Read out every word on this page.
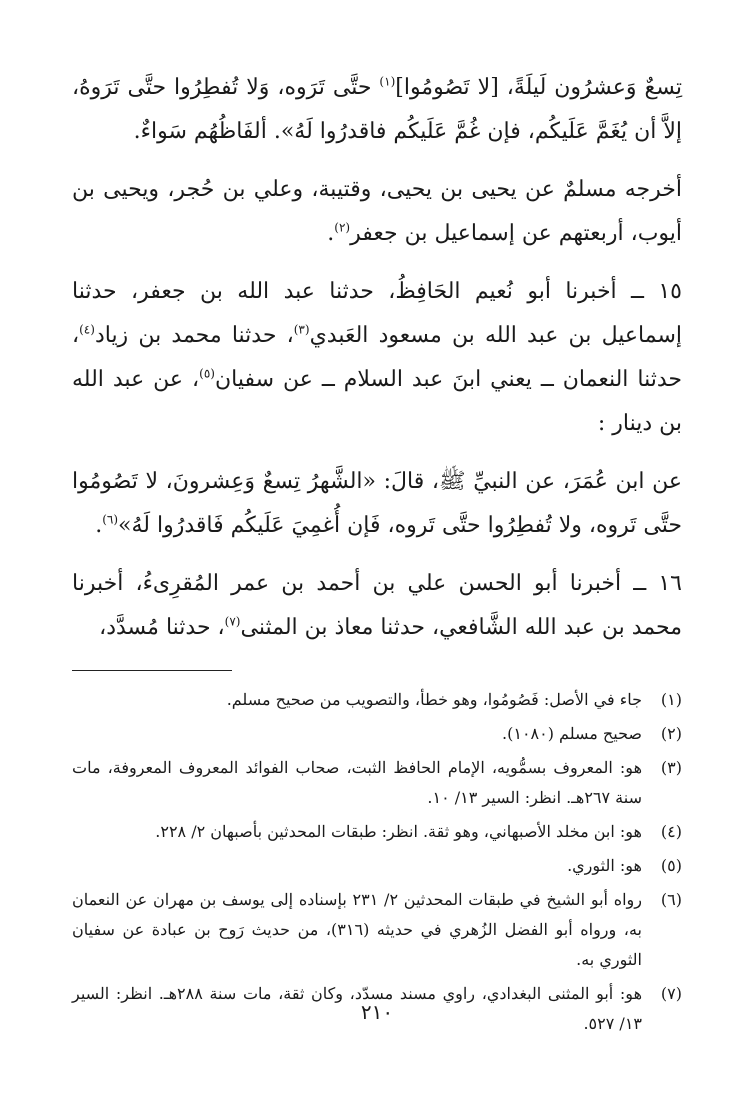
تِسعٌ وَعشرُون لَيلَةً، [لا تَصُومُوا]$^{(١)}$ حتَّى تَرَوه، وَلا تُفطِرُوا حتَّى تَرَوهُ، إلاَّ أن يُغَمَّ عَلَيكُم، فإن غُمَّ عَلَيكُم فاقدرُوا لَهُ». ألفَاظُهُم سَواءٌ.

أخرجه مسلمٌ عن يحيى بن يحيى، وقتيبة، وعلي بن حُجر، ويحيى بن أيوب، أربعتهم عن إسماعيل بن جعفر$^{(٢)}$.

١٥ ــ أخبرنا أبو نُعيم الحَافِظُ، حدثنا عبد الله بن جعفر، حدثنا إسماعيل بن عبد الله بن مسعود العَبدي$^{(٣)}$، حدثنا محمد بن زياد$^{(٤)}$، حدثنا النعمان ــ يعني ابنَ عبد السلام ــ عن سفيان$^{(٥)}$، عن عبد الله بن دينار :

عن ابن عُمَرَ، عن النبيِّ ﷺ، قالَ: «الشَّهرُ تِسعٌ وَعِشرونَ، لا تَصُومُوا حتَّى تَروه، ولا تُفطِرُوا حتَّى تَروه، فَإن أُغمِيَ عَلَيكُم فَاقدرُوا لَهُ»$^{(٦)}$.

١٦ ــ أخبرنا أبو الحسن علي بن أحمد بن عمر المُقرِىءُ، أخبرنا محمد بن عبد الله الشَّافعي، حدثنا معاذ بن المثنى$^{(٧)}$، حدثنا مُسدَّد،

(١)
جاء في الأصل: فَصُومُوا، وهو خطأ، والتصويب من صحيح مسلم.
(٢)
صحيح مسلم (١٠٨٠).
(٣)
هو: المعروف بسمُّويه، الإمام الحافظ الثبت، صحاب الفوائد المعروف المعروفة، مات سنة ٢٦٧هـ. انظر: السير ١٣/ ١٠.
(٤)
هو: ابن مخلد الأصبهاني، وهو ثقة. انظر: طبقات المحدثين بأصبهان ٢/ ٢٢٨.
(٥)
هو: الثوري.
(٦)
رواه أبو الشيخ في طبقات المحدثين ٢/ ٢٣١ بإسناده إلى يوسف بن مهران عن النعمان به، ورواه أبو الفضل الزُهري في حديثه (٣١٦)، من حديث رَوح بن عبادة عن سفيان الثوري به.
(٧)
هو: أبو المثنى البغدادي، راوي مسند مسدّد، وكان ثقة، مات سنة ٢٨٨هـ. انظر: السير ١٣/ ٥٢٧.
٢١٠
